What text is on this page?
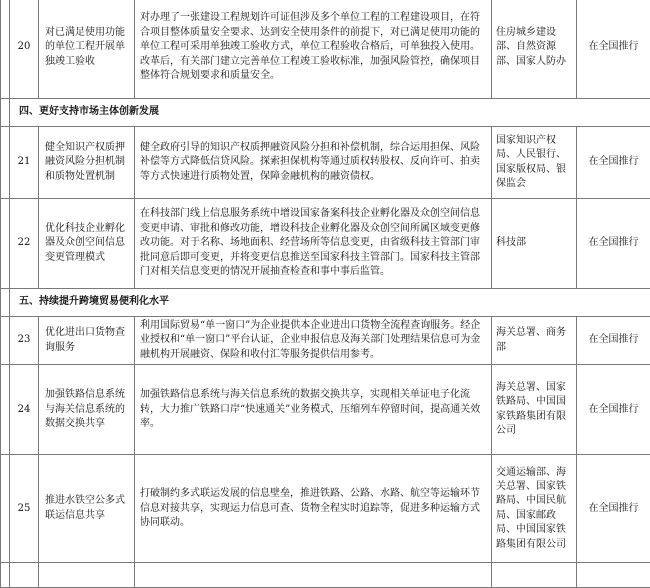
	20	对已满足使用功能的单位工程开展单独竣工验收	对办理了一张建设工程规划许可证但涉及多个单位工程的工程建设项目，在符合项目整体质量安全要求、达到安全使用条件的前提下，对已满足使用功能的单位工程可采用单独竣工验收方式，单位工程验收合格后，可单独投入使用。改革后，有关部门建立完善单位工程竣工验收标准，加强风险管控，确保项目整体符合规划要求和质量安全。	住房城乡建设部、自然资源部、国家人防办	在全国推行
	四、更好支持市场主体创新发展				
	21	健全知识产权质押融资风险分担机制和质物处置机制	健全政府引导的知识产权质押融资风险分担和补偿机制，综合运用担保、风险补偿等方式降低信贷风险。探索担保机构等通过质权转股权、反向许可、拍卖等方式快速进行质物处置，保障金融机构的融资债权。	国家知识产权局、人民银行、国家版权局、银保监会	在全国推行
	22	优化科技企业孵化器及众创空间信息变更管理模式	在科技部门线上信息服务系统中增设国家备案科技企业孵化器及众创空间信息变更申请、审批和修改功能，增设科技企业孵化器及众创空间所属区域变更修改功能。对于名称、场地面积、经营场所等信息变更，由省级科技主管部门审批同意后即可变更，并将变更信息推送至国家科技主管部门。国家科技主管部门对相关信息变更的情况开展抽查检查和事中事后监管。	科技部	在全国推行
	五、持续提升跨境贸易便利化水平				
	23	优化进出口货物查询服务	利用国际贸易“单一窗口”为企业提供本企业进出口货物全流程查询服务。经企业授权和“单一窗口”平台认证，企业申报信息及海关部门处理结果信息可为金融机构开展融资、保险和收付汇等服务提供信用参考。	海关总署、商务部	在全国推行
	24	加强铁路信息系统与海关信息系统的数据交换共享	加强铁路信息系统与海关信息系统的数据交换共享，实现相关单证电子化流转，大力推广铁路口岸“快速通关”业务模式，压缩列车停留时间，提高通关效率。	海关总署、国家铁路局、中国国家铁路集团有限公司	在全国推行
	25	推进水铁空公多式联运信息共享	打破制约多式联运发展的信息壁垒，推进铁路、公路、水路、航空等运输环节信息对接共享，实现运力信息可查、货物全程实时追踪等，促进多种运输方式协同联动。	交通运输部、海关总署、国家铁路局、中国民航局、国家邮政局、中国国家铁路集团有限公司	在全国推行
